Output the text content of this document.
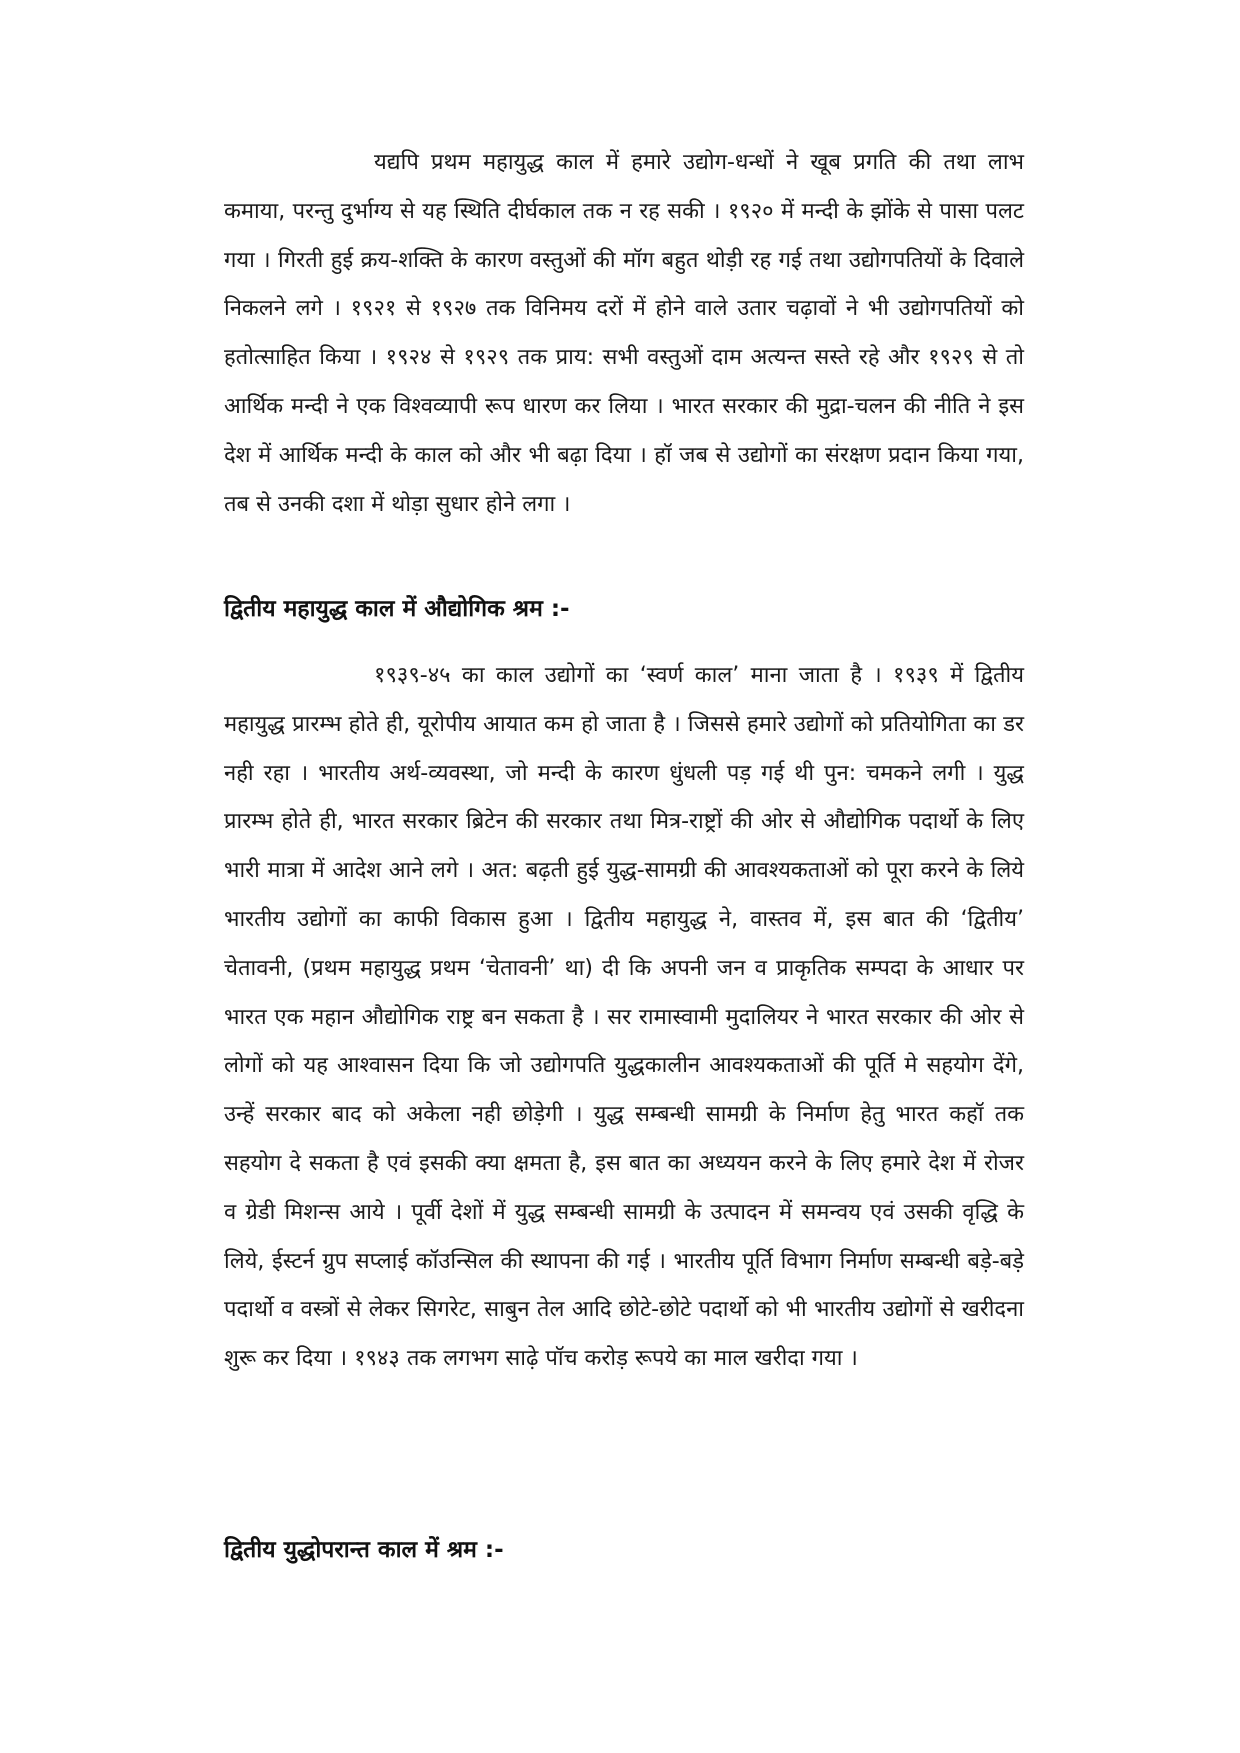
यद्यपि प्रथम महायुद्ध काल में हमारे उद्योग-धन्धों ने खूब प्रगति की तथा लाभ कमाया, परन्तु दुर्भाग्य से यह स्थिति दीर्घकाल तक न रह सकी । १९२० में मन्दी के झोंके से पासा पलट गया । गिरती हुई क्रय-शक्ति के कारण वस्तुओं की मॉग बहुत थोड़ी रह गई तथा उद्योगपतियों के दिवाले निकलने लगे । १९२१ से १९२७ तक विनिमय दरों में होने वाले उतार चढ़ावों ने भी उद्योगपतियों को हतोत्साहित किया । १९२४ से १९२९ तक प्राय: सभी वस्तुओं दाम अत्यन्त सस्ते रहे और १९२९ से तो आर्थिक मन्दी ने एक विश्वव्यापी रूप धारण कर लिया । भारत सरकार की मुद्रा-चलन की नीति ने इस देश में आर्थिक मन्दी के काल को और भी बढ़ा दिया । हॉ जब से उद्योगों का संरक्षण प्रदान किया गया, तब से उनकी दशा में थोड़ा सुधार होने लगा ।

द्वितीय महायुद्ध काल में औद्योगिक श्रम :-

१९३९-४५ का काल उद्योगों का ‘स्वर्ण काल’ माना जाता है । १९३९ में द्वितीय महायुद्ध प्रारम्भ होते ही, यूरोपीय आयात कम हो जाता है । जिससे हमारे उद्योगों को प्रतियोगिता का डर नही रहा । भारतीय अर्थ-व्यवस्था, जो मन्दी के कारण धुंधली पड़ गई थी पुन: चमकने लगी । युद्ध प्रारम्भ होते ही, भारत सरकार ब्रिटेन की सरकार तथा मित्र-राष्ट्रों की ओर से औद्योगिक पदार्थो के लिए भारी मात्रा में आदेश आने लगे । अत: बढ़ती हुई युद्ध-सामग्री की आवश्यकताओं को पूरा करने के लिये भारतीय उद्योगों का काफी विकास हुआ । द्वितीय महायुद्ध ने, वास्तव में, इस बात की ‘द्वितीय’ चेतावनी, (प्रथम महायुद्ध प्रथम ‘चेतावनी’ था) दी कि अपनी जन व प्राकृतिक सम्पदा के आधार पर भारत एक महान औद्योगिक राष्ट्र बन सकता है । सर रामास्वामी मुदालियर ने भारत सरकार की ओर से लोगों को यह आश्वासन दिया कि जो उद्योगपति युद्धकालीन आवश्यकताओं की पूर्ति मे सहयोग देंगे, उन्हें सरकार बाद को अकेला नही छोड़ेगी । युद्ध सम्बन्धी सामग्री के निर्माण हेतु भारत कहॉ तक सहयोग दे सकता है एवं इसकी क्या क्षमता है, इस बात का अध्ययन करने के लिए हमारे देश में रोजर व ग्रेडी मिशन्स आये । पूर्वी देशों में युद्ध सम्बन्धी सामग्री के उत्पादन में समन्वय एवं उसकी वृद्धि के लिये, ईस्टर्न ग्रुप सप्लाई कॉउन्सिल की स्थापना की गई । भारतीय पूर्ति विभाग निर्माण सम्बन्धी बड़े-बड़े पदार्थो व वस्त्रों से लेकर सिगरेट, साबुन तेल आदि छोटे-छोटे पदार्थो को भी भारतीय उद्योगों से खरीदना शुरू कर दिया । १९४३ तक लगभग साढ़े पॉच करोड़ रूपये का माल खरीदा गया ।

द्वितीय युद्धोपरान्त काल में श्रम :-
